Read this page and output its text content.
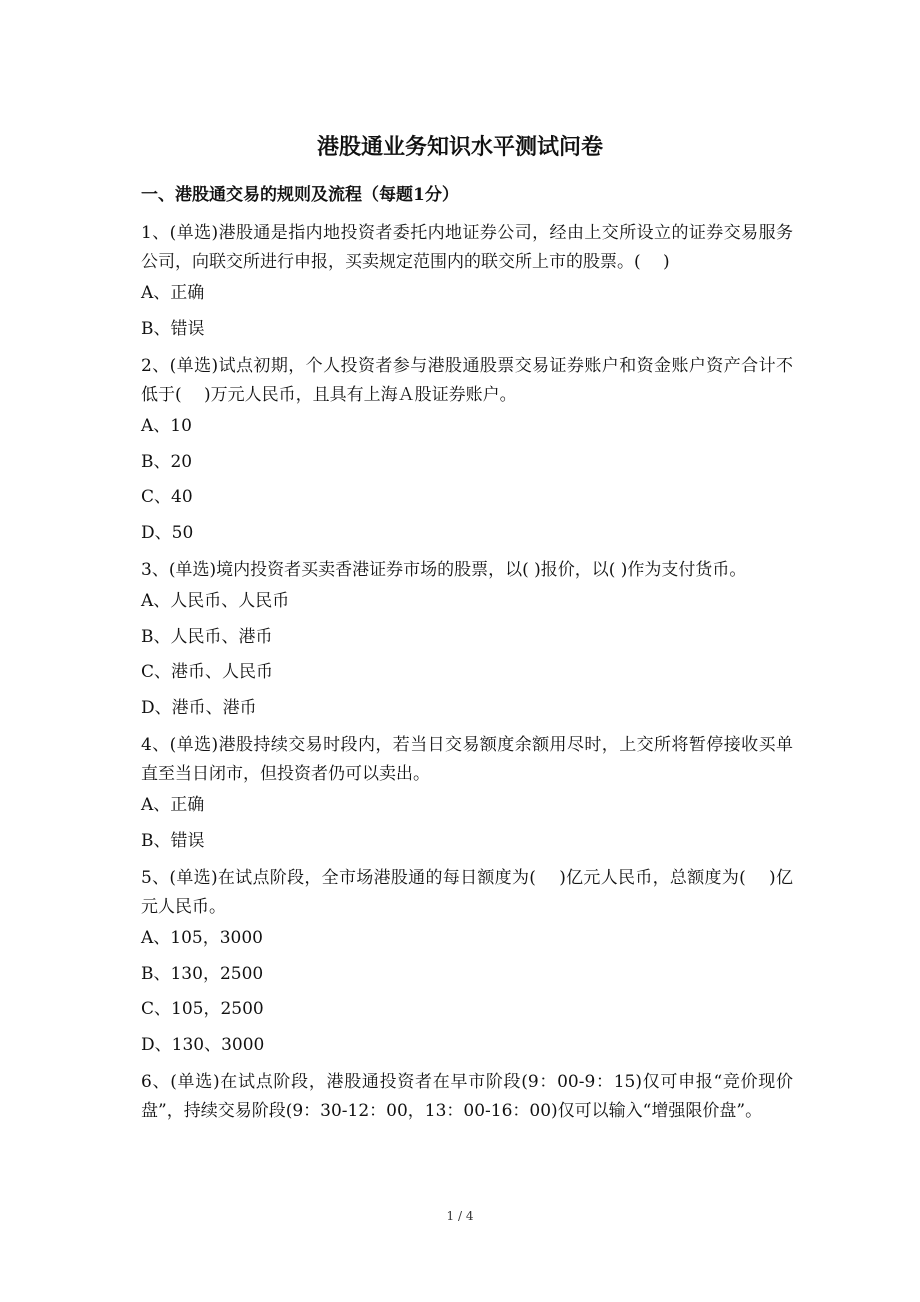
港股通业务知识水平测试问卷
一、港股通交易的规则及流程（每题1分）

1、(单选)港股通是指内地投资者委托内地证券公司，经由上交所设立的证券交易服务公司，向联交所进行申报，买卖规定范围内的联交所上市的股票。(　 )

A、正确

B、错误

2、(单选)试点初期，个人投资者参与港股通股票交易证券账户和资金账户资产合计不低于(　 )万元人民币，且具有上海Ａ股证券账户。

A、10

B、20

C、40

D、50

3、(单选)境内投资者买卖香港证券市场的股票，以( )报价，以( )作为支付货币。

A、人民币、人民币

B、人民币、港币

C、港币、人民币

D、港币、港币

4、(单选)港股持续交易时段内，若当日交易额度余额用尽时，上交所将暂停接收买单直至当日闭市，但投资者仍可以卖出。

A、正确

B、错误

5、(单选)在试点阶段，全市场港股通的每日额度为(　 )亿元人民币，总额度为(　 )亿元人民币。

A、105，3000

B、130，2500

C、105，2500

D、130、3000

6、(单选)在试点阶段，港股通投资者在早市阶段(9：00-9：15)仅可申报“竞价现价盘”，持续交易阶段(9：30-12：00，13：00-16：00)仅可以输入“增强限价盘”。

1 / 4
